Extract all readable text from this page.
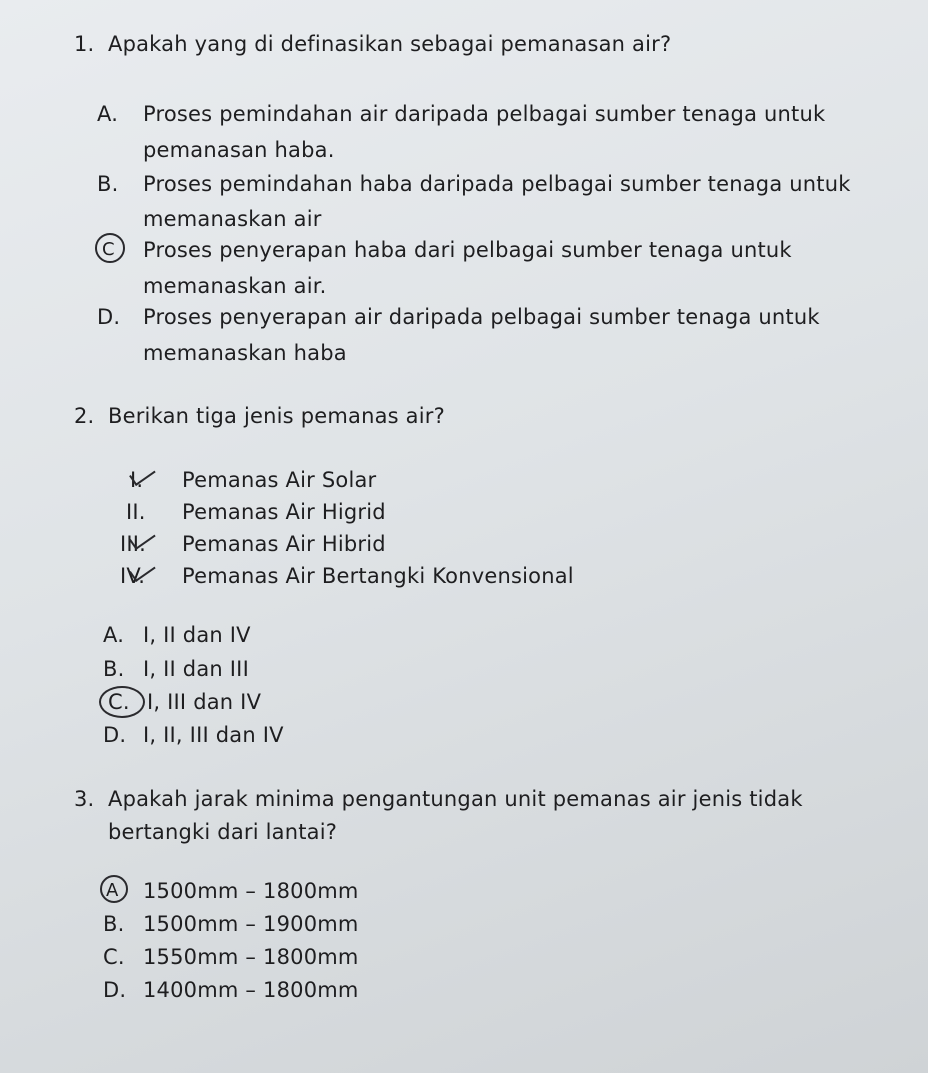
1. Apakah yang di definasikan sebagai pemanasan air?
A. Proses pemindahan air daripada pelbagai sumber tenaga untuk
pemanasan haba.
B. Proses pemindahan haba daripada pelbagai sumber tenaga untuk
memanaskan air
C Proses penyerapan haba dari pelbagai sumber tenaga untuk
memanaskan air.
D. Proses penyerapan air daripada pelbagai sumber tenaga untuk
memanaskan haba
2. Berikan tiga jenis pemanas air?
I. Pemanas Air Solar
II. Pemanas Air Higrid
III. Pemanas Air Hibrid
IV. Pemanas Air Bertangki Konvensional
A. I, II dan IV
B. I, II dan III
C. I, III dan IV
D. I, II, III dan IV
3. Apakah jarak minima pengantungan unit pemanas air jenis tidak
bertangki dari lantai?
A 1500mm – 1800mm
B. 1500mm – 1900mm
C. 1550mm – 1800mm
D. 1400mm – 1800mm
